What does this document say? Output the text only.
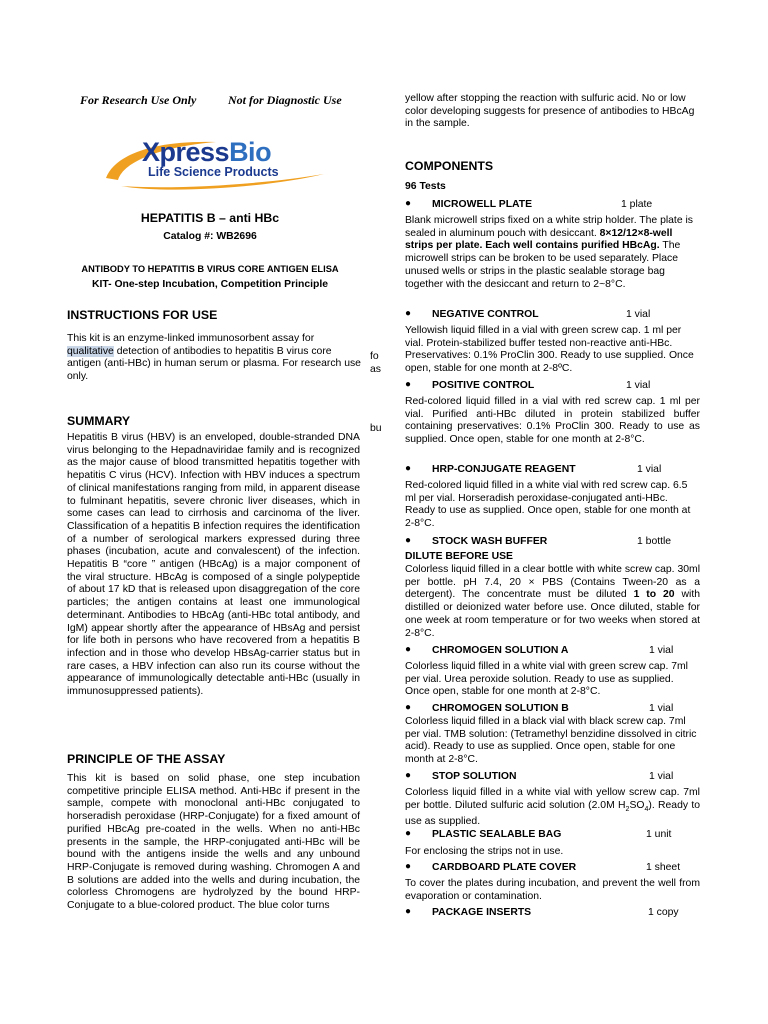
For Research Use Only	Not for Diagnostic Use
XpressBio
Life Science Products
HEPATITIS B – anti HBc
Catalog #: WB2696
ANTIBODY TO HEPATITIS B VIRUS CORE ANTIGEN ELISA
KIT- One-step Incubation, Competition Principle
INSTRUCTIONS FOR USE
This kit is an enzyme-linked immunosorbent assay for qualitative detection of antibodies to hepatitis B virus core antigen (anti-HBc) in human serum or plasma. For research use only.
SUMMARY
Hepatitis B virus (HBV) is an enveloped, double-stranded DNA virus belonging to the Hepadnaviridae family and is recognized as the major cause of blood transmitted hepatitis together with hepatitis C virus (HCV). Infection with HBV induces a spectrum of clinical manifestations ranging from mild, in apparent disease to fulminant hepatitis, severe chronic liver diseases, which in some cases can lead to cirrhosis and carcinoma of the liver. Classification of a hepatitis B infection requires the identification of a number of serological markers expressed during three phases (incubation, acute and convalescent) of the infection. Hepatitis B “core ” antigen (HBcAg) is a major component of the viral structure. HBcAg is composed of a single polypeptide of about 17 kD that is released upon disaggregation of the core particles; the antigen contains at least one immunological determinant. Antibodies to HBcAg (anti-HBc total antibody, and IgM) appear shortly after the appearance of HBsAg and persist for life both in persons who have recovered from a hepatitis B infection and in those who develop HBsAg-carrier status but in rare cases, a HBV infection can also run its course without the appearance of immunologically detectable anti-HBc (usually in immunosuppressed patients).
PRINCIPLE OF THE ASSAY
This kit is based on solid phase, one step incubation competitive principle ELISA method. Anti-HBc if present in the sample, compete with monoclonal anti-HBc conjugated to horseradish peroxidase (HRP-Conjugate) for a fixed amount of purified HBcAg pre-coated in the wells. When no anti-HBc presents in the sample, the HRP-conjugated anti-HBc will be bound with the antigens inside the wells and any unbound HRP-Conjugate is removed during washing. Chromogen A and B solutions are added into the wells and during incubation, the colorless Chromogens are hydrolyzed by the bound HRP-Conjugate to a blue-colored product. The blue color turns
yellow after stopping the reaction with sulfuric acid. No or low color developing suggests for presence of antibodies to HBcAg in the sample.
fo
as
bu
COMPONENTS
96 Tests
● MICROWELL PLATE	1 plate
Blank microwell strips fixed on a white strip holder. The plate is sealed in aluminum pouch with desiccant. 8×12/12×8-well strips per plate. Each well contains purified HBcAg. The microwell strips can be broken to be used separately. Place unused wells or strips in the plastic sealable storage bag together with the desiccant and return to 2~8°C.
● NEGATIVE CONTROL	1 vial
Yellowish liquid filled in a vial with green screw cap. 1 ml per vial. Protein-stabilized buffer tested non-reactive anti-HBc. Preservatives: 0.1% ProClin 300. Ready to use supplied. Once open, stable for one month at 2-8ºC.
● POSITIVE CONTROL	1 vial
Red-colored liquid filled in a vial with red screw cap. 1 ml per vial. Purified anti-HBc diluted in protein stabilized buffer containing preservatives: 0.1% ProClin 300. Ready to use as supplied. Once open, stable for one month at 2-8°C.
● HRP-CONJUGATE REAGENT	1 vial
Red-colored liquid filled in a white vial with red screw cap. 6.5 ml per vial. Horseradish peroxidase-conjugated anti-HBc. Ready to use as supplied. Once open, stable for one month at 2-8°C.
● STOCK WASH BUFFER	1 bottle
DILUTE BEFORE USE
Colorless liquid filled in a clear bottle with white screw cap. 30ml per bottle. pH 7.4, 20 × PBS (Contains Tween-20 as a detergent). The concentrate must be diluted 1 to 20 with distilled or deionized water before use. Once diluted, stable for one week at room temperature or for two weeks when stored at 2-8°C.
● CHROMOGEN SOLUTION A	1 vial
Colorless liquid filled in a white vial with green screw cap. 7ml per vial. Urea peroxide solution. Ready to use as supplied. Once open, stable for one month at 2-8°C.
● CHROMOGEN SOLUTION B	1 vial
Colorless liquid filled in a black vial with black screw cap. 7ml per vial. TMB solution: (Tetramethyl benzidine dissolved in citric acid). Ready to use as supplied. Once open, stable for one month at 2-8°C.
● STOP SOLUTION	1 vial
Colorless liquid filled in a white vial with yellow screw cap. 7ml per bottle. Diluted sulfuric acid solution (2.0M $H_2SO_4$). Ready to use as supplied.
● PLASTIC SEALABLE BAG	1 unit
For enclosing the strips not in use.
● CARDBOARD PLATE COVER	1 sheet
To cover the plates during incubation, and prevent the well from evaporation or contamination.
● PACKAGE INSERTS	1 copy
